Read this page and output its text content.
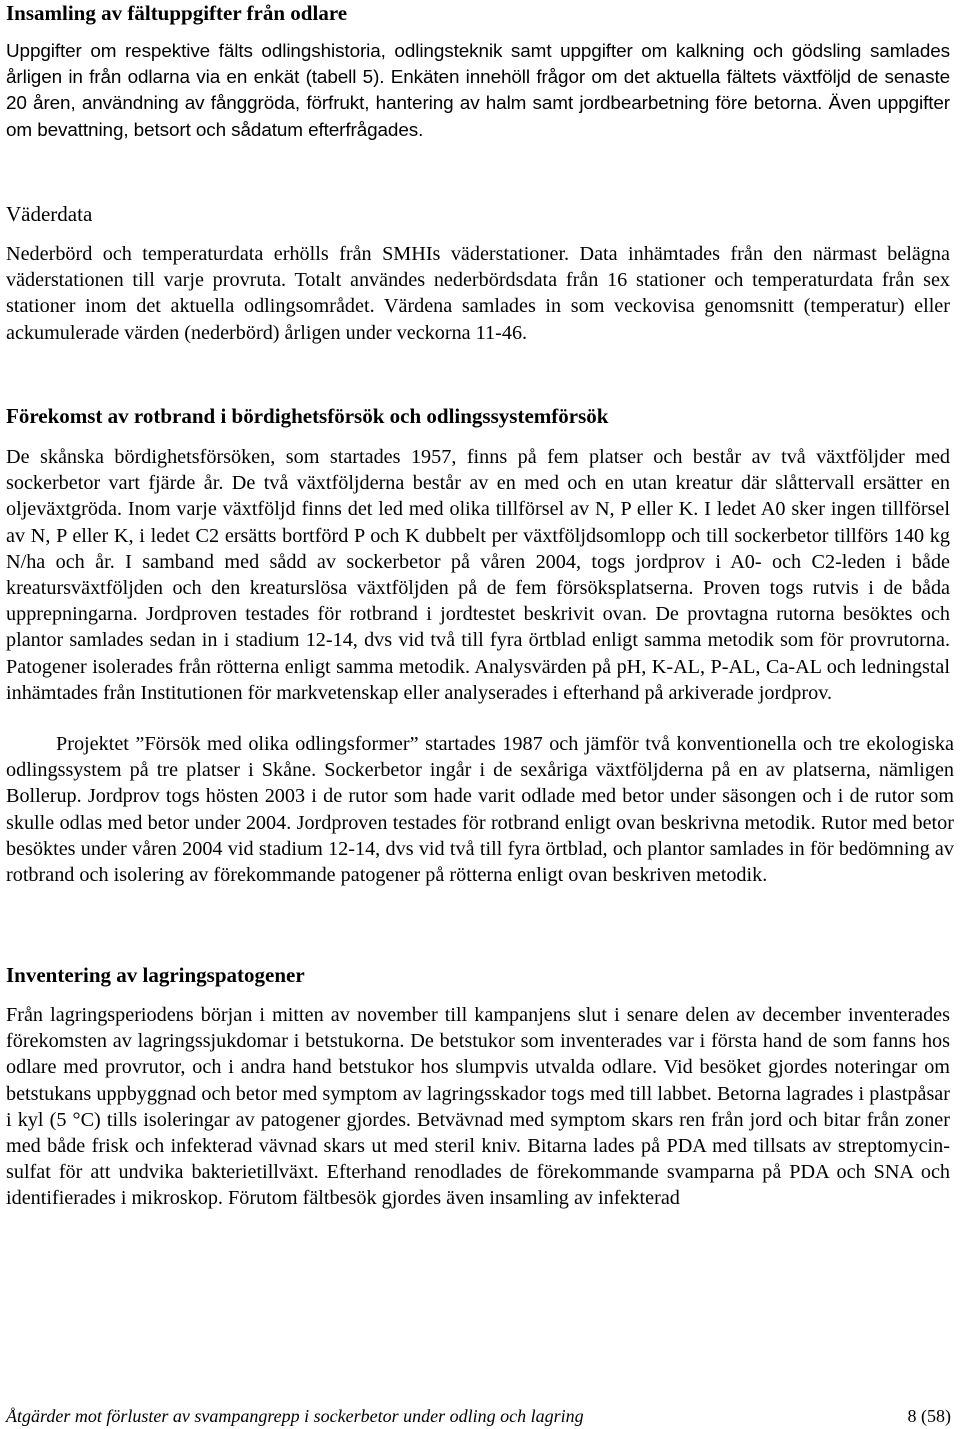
Insamling av fältuppgifter från odlare

Uppgifter om respektive fälts odlingshistoria, odlingsteknik samt uppgifter om kalkning och gödsling samlades årligen in från odlarna via en enkät (tabell 5). Enkäten innehöll frågor om det aktuella fältets växtföljd de senaste 20 åren, användning av fånggröda, förfrukt, hantering av halm samt jordbearbetning före betorna. Även uppgifter om bevattning, betsort och sådatum efterfrågades.

Väderdata

Nederbörd och temperaturdata erhölls från SMHIs väderstationer. Data inhämtades från den närmast belägna väderstationen till varje provruta. Totalt användes nederbördsdata från 16 stationer och temperaturdata från sex stationer inom det aktuella odlingsområdet. Värdena samlades in som veckovisa genomsnitt (temperatur) eller ackumulerade värden (nederbörd) årligen under veckorna 11-46.

Förekomst av rotbrand i bördighetsförsök och odlingssystemförsök

De skånska bördighetsförsöken, som startades 1957, finns på fem platser och består av två växtföljder med sockerbetor vart fjärde år. De två växtföljderna består av en med och en utan kreatur där slåttervall ersätter en oljeväxtgröda. Inom varje växtföljd finns det led med olika tillförsel av N, P eller K. I ledet A0 sker ingen tillförsel av N, P eller K, i ledet C2 ersätts bortförd P och K dubbelt per växtföljdsomlopp och till sockerbetor tillförs 140 kg N/ha och år. I samband med sådd av sockerbetor på våren 2004, togs jordprov i A0- och C2-leden i både kreatursväxtföljden och den kreaturslösa växtföljden på de fem försöksplatserna. Proven togs rutvis i de båda upprepningarna. Jordproven testades för rotbrand i jordtestet beskrivit ovan. De provtagna rutorna besöktes och plantor samlades sedan in i stadium 12-14, dvs vid två till fyra örtblad enligt samma metodik som för provrutorna. Patogener isolerades från rötterna enligt samma metodik. Analysvärden på pH, K-AL, P-AL, Ca-AL och ledningstal inhämtades från Institutionen för markvetenskap eller analyserades i efterhand på arkiverade jordprov.

Projektet ”Försök med olika odlingsformer” startades 1987 och jämför två konventionella och tre ekologiska odlingssystem på tre platser i Skåne. Sockerbetor ingår i de sexåriga växtföljderna på en av platserna, nämligen Bollerup. Jordprov togs hösten 2003 i de rutor som hade varit odlade med betor under säsongen och i de rutor som skulle odlas med betor under 2004. Jordproven testades för rotbrand enligt ovan beskrivna metodik. Rutor med betor besöktes under våren 2004 vid stadium 12-14, dvs vid två till fyra örtblad, och plantor samlades in för bedömning av rotbrand och isolering av förekommande patogener på rötterna enligt ovan beskriven metodik.

Inventering av lagringspatogener

Från lagringsperiodens början i mitten av november till kampanjens slut i senare delen av december inventerades förekomsten av lagringssjukdomar i betstukorna. De betstukor som inventerades var i första hand de som fanns hos odlare med provrutor, och i andra hand betstukor hos slumpvis utvalda odlare. Vid besöket gjordes noteringar om betstukans uppbyggnad och betor med symptom av lagringsskador togs med till labbet. Betorna lagrades i plastpåsar i kyl (5 °C) tills isoleringar av patogener gjordes. Betvävnad med symptom skars ren från jord och bitar från zoner med både frisk och infekterad vävnad skars ut med steril kniv. Bitarna lades på PDA med tillsats av streptomycinsulfat för att undvika bakterietillväxt. Efterhand renodlades de förekommande svamparna på PDA och SNA och identifierades i mikroskop. Förutom fältbesök gjordes även insamling av infekterad

Åtgärder mot förluster av svampangrepp i sockerbetor under odling och lagring	8 (58)
